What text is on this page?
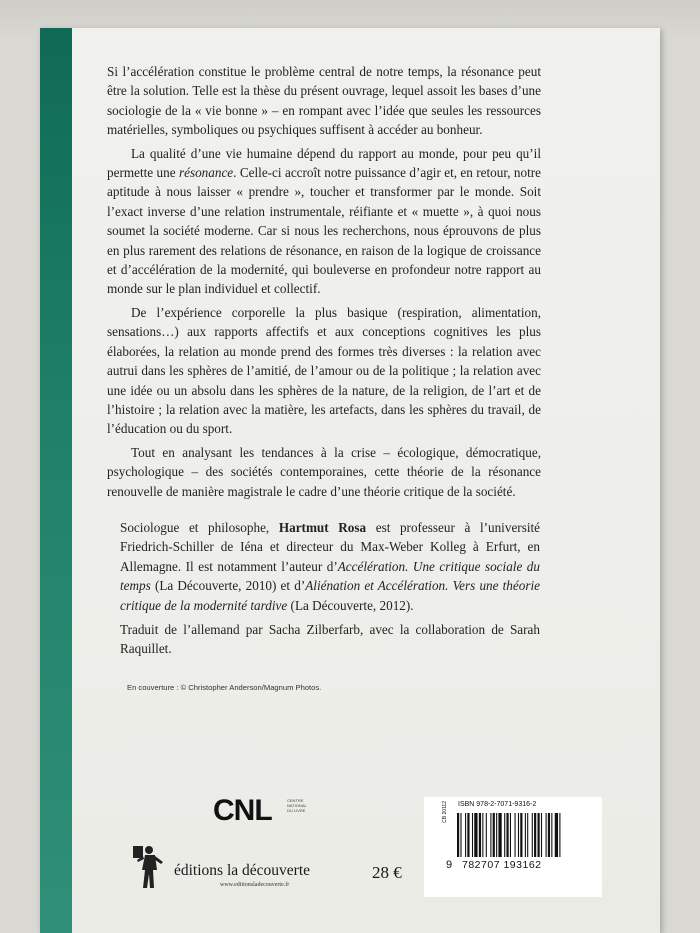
Si l’accélération constitue le problème central de notre temps, la résonance peut être la solution. Telle est la thèse du présent ouvrage, lequel assoit les bases d’une sociologie de la « vie bonne » – en rompant avec l’idée que seules les ressources matérielles, symboliques ou psychiques suffisent à accéder au bonheur.

La qualité d’une vie humaine dépend du rapport au monde, pour peu qu’il permette une résonance. Celle-ci accroît notre puissance d’agir et, en retour, notre aptitude à nous laisser « prendre », toucher et transformer par le monde. Soit l’exact inverse d’une relation instrumentale, réifiante et « muette », à quoi nous soumet la société moderne. Car si nous les recherchons, nous éprouvons de plus en plus rarement des relations de résonance, en raison de la logique de croissance et d’accélération de la modernité, qui bouleverse en profondeur notre rapport au monde sur le plan individuel et collectif.

De l’expérience corporelle la plus basique (respiration, alimentation, sensations…) aux rapports affectifs et aux conceptions cognitives les plus élaborées, la relation au monde prend des formes très diverses : la relation avec autrui dans les sphères de l’amitié, de l’amour ou de la politique ; la relation avec une idée ou un absolu dans les sphères de la nature, de la religion, de l’art et de l’histoire ; la relation avec la matière, les artefacts, dans les sphères du travail, de l’éducation ou du sport.

Tout en analysant les tendances à la crise – écologique, démocratique, psychologique – des sociétés contemporaines, cette théorie de la résonance renouvelle de manière magistrale le cadre d’une théorie critique de la société.

Sociologue et philosophe, Hartmut Rosa est professeur à l’université Friedrich-Schiller de Iéna et directeur du Max-Weber Kolleg à Erfurt, en Allemagne. Il est notamment l’auteur d’Accélération. Une critique sociale du temps (La Découverte, 2010) et d’Aliénation et Accélération. Vers une théorie critique de la modernité tardive (La Découverte, 2012).

Traduit de l’allemand par Sacha Zilberfarb, avec la collaboration de Sarah Raquillet.
En couverture : © Christopher Anderson/Magnum Photos.
CNL	CENTRE NATIONAL DU LIVRE
éditions la découverte
www.editionsladecouverte.fr
28 €
ISBN 978-2-7071-9316-2
CB 20112
9 782707 193162
